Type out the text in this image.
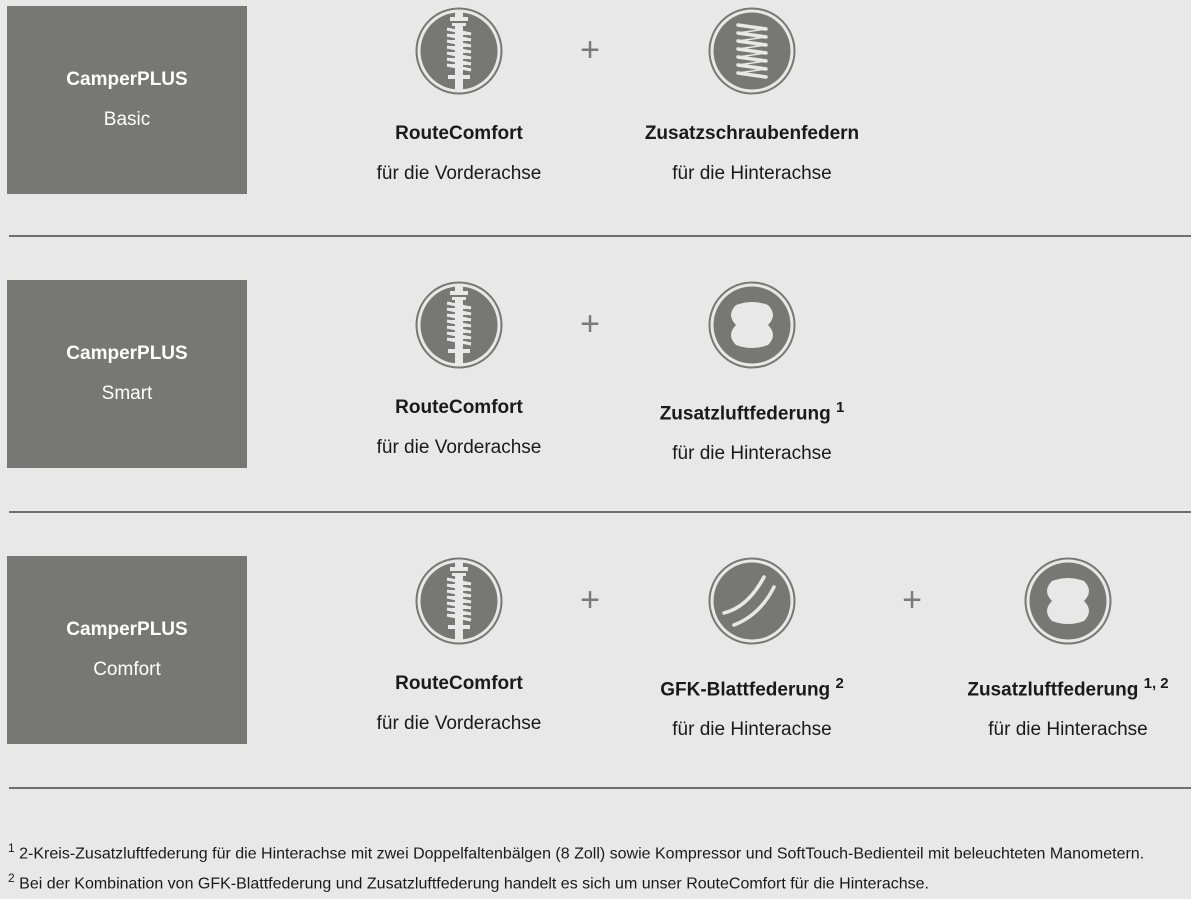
CamperPLUS
Basic
RouteComfort
für die Vorderachse
+
Zusatzschraubenfedern
für die Hinterachse
CamperPLUS
Smart
RouteComfort
für die Vorderachse
+
Zusatzluftfederung $^1$
für die Hinterachse
CamperPLUS
Comfort
RouteComfort
für die Vorderachse
+
GFK-Blattfederung $^2$
für die Hinterachse
+
Zusatzluftfederung $^{1, 2}$
für die Hinterachse
$^1$ 2-Kreis-Zusatzluftfederung für die Hinterachse mit zwei Doppelfaltenbälgen (8 Zoll) sowie Kompressor und SoftTouch-Bedienteil mit beleuchteten Manometern.
$^2$ Bei der Kombination von GFK-Blattfederung und Zusatzluftfederung handelt es sich um unser RouteComfort für die Hinterachse.
